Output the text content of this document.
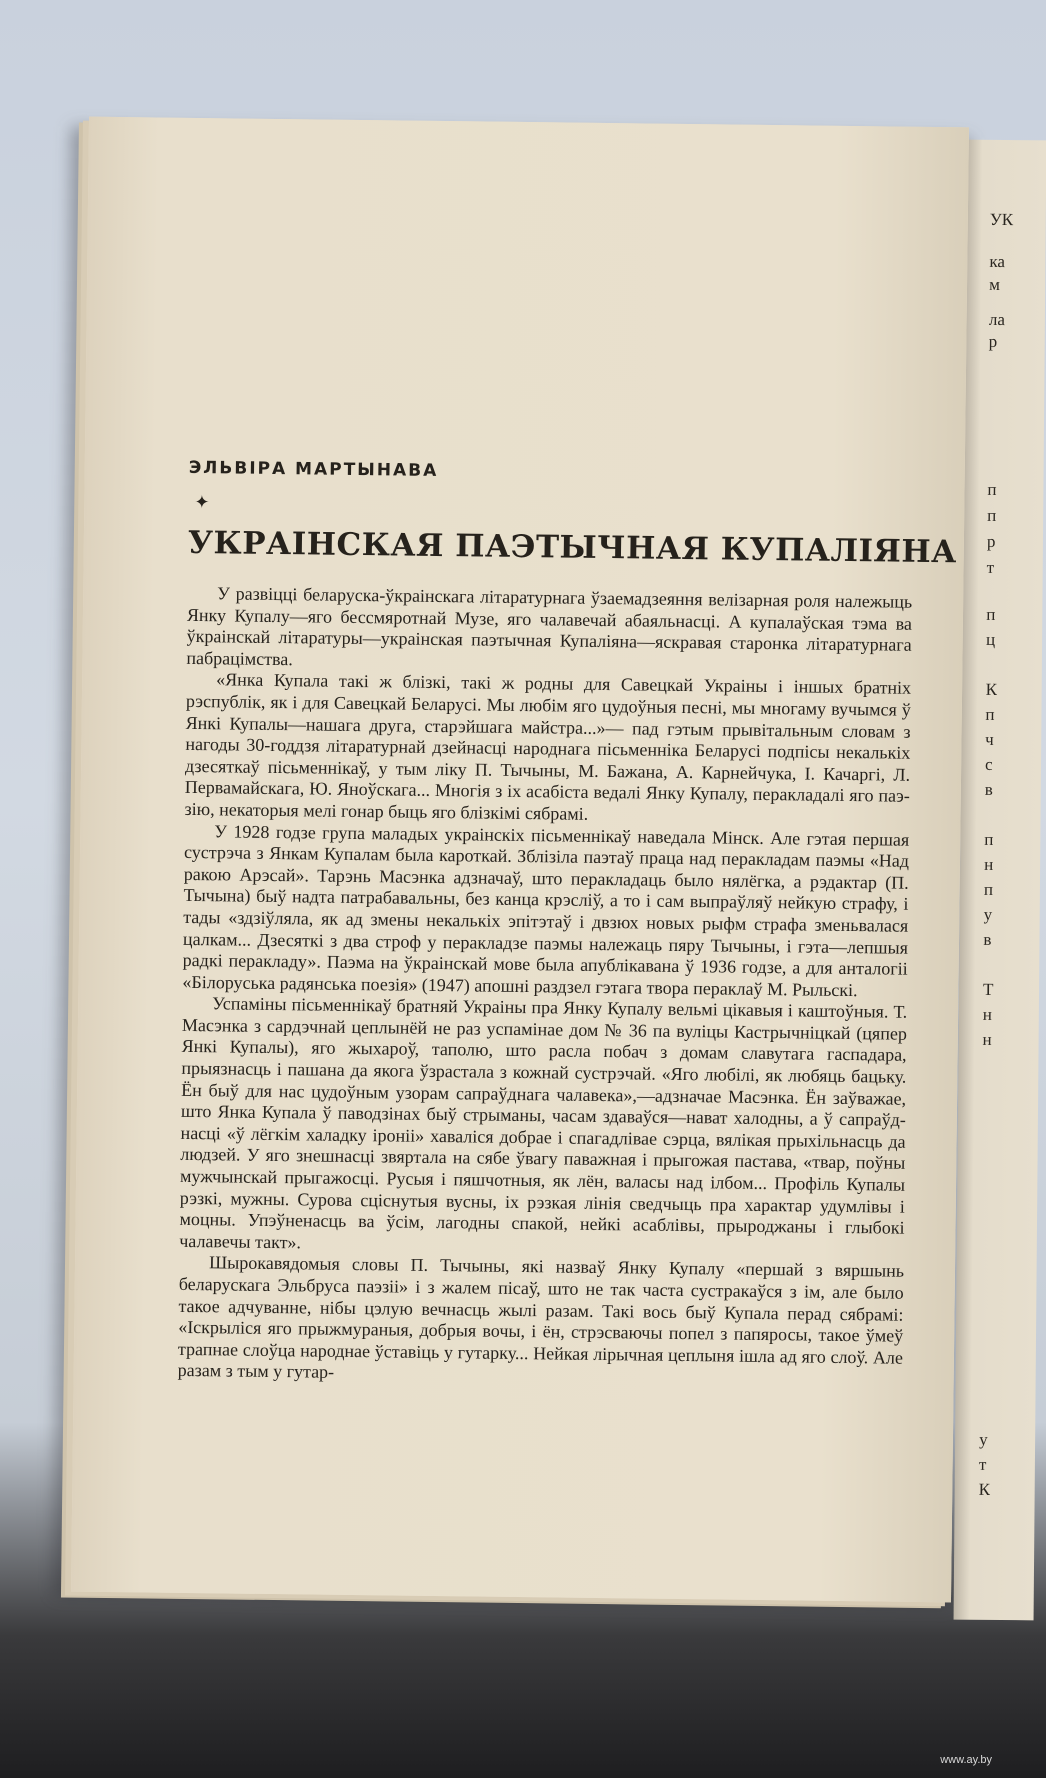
УК
ка
м
ла
р
п
п
р
т
п
ц
К
п
ч
с
в
п
н
п
у
в
Т
н
н
у
т
К
ЭЛЬВІРА МАРТЫНАВА
✦
УКРАІНСКАЯ ПАЭТЫЧНАЯ КУПАЛІЯНА

У развіцці беларуска-ўкраінскага літаратурнага ўзаемадзеяння велізарная роля належыць Янку Купалу—яго бессмяротнай Музе, яго чалавечай абаяльнасці. А купалаўская тэма ва ўкраінскай літаратуры—украінская паэтычная Купаліяна—яскравая старонка літаратурнага пабрацімства.

«Янка Купала такі ж блізкі, такі ж родны для Савецкай Украіны і іншых братніх рэспублік, як і для Савецкай Беларусі. Мы любім яго цудоўныя песні, мы многаму вучымся ў Янкі Купалы—нашага друга, старэйшага майстра...»— пад гэтым прывітальным словам з нагоды 30-годдзя літаратурнай дзейнасці народнага пісьменніка Беларусі подпісы некалькіх дзесяткаў пісьменнікаў, у тым ліку П. Тычыны, М. Бажана, А. Карнейчука, І. Качаргі, Л. Первамайскага, Ю. Яноўскага... Многія з іх асабіста ведалі Янку Купалу, перакладалі яго паэзію, некаторыя мелі гонар быць яго блізкімі сябрамі.

У 1928 годзе група маладых украінскіх пісьменнікаў наведала Мінск. Але гэтая першая сустрэча з Янкам Купалам была кароткай. Зблізіла паэтаў праца над перакладам паэмы «Над ракою Арэсай». Тарэнь Масэнка адзначаў, што перакладаць было нялёгка, а рэдактар (П. Тычына) быў надта патрабавальны, без канца крэсліў, а то і сам выпраўляў нейкую страфу, і тады «здзіўляла, як ад змены некалькіх эпітэтаў і двзюх новых рыфм страфа зменьвалася цалкам... Дзесяткі з два строф у перакладзе паэмы належаць пяру Тычыны, і гэта—лепшыя радкі перакладу». Паэма на ўкраінскай мове была апублікавана ў 1936 годзе, а для анталогіі «Білоруська радянська поезія» (1947) апошні раздзел гэтага твора пераклаў М. Рыльскі.

Успаміны пісьменнікаў братняй Украіны пра Янку Купалу вельмі цікавыя і каштоўныя. Т. Масэнка з сардэчнай цеплынёй не раз успамінае дом № 36 па вуліцы Кастрычніцкай (цяпер Янкі Купалы), яго жыхароў, таполю, што расла побач з домам славутага гаспадара, прыязнасць і пашана да якога ўзрастала з кожнай сустрэчай. «Яго любілі, як любяць бацьку. Ён быў для нас цудоўным узорам сапраўднага чалавека»,—адзначае Масэнка. Ён заўважае, што Янка Купала ў паводзінах быў стрыманы, часам здаваўся—нават халодны, а ў сапраўднасці «ў лёгкім халадку іроніі» хаваліся добрае і спагадлівае сэрца, вялікая прыхільнасць да людзей. У яго знешнасці звяртала на сябе ўвагу паважная і прыгожая пастава, «твар, поўны мужчынскай прыгажосці. Русыя і пяшчотныя, як лён, валасы над ілбом... Профіль Купалы рэзкі, мужны. Сурова сціснутыя вусны, іх рэзкая лінія сведчыць пра характар удумлівы і моцны. Упэўненасць ва ўсім, лагодны спакой, нейкі асаблівы, прыроджаны і глыбокі чалавечы такт».

Шырокавядомыя словы П. Тычыны, які назваў Янку Купалу «першай з вяршынь беларускага Эльбруса паэзіі» і з жалем пісаў, што не так часта сустракаўся з ім, але было такое адчуванне, нібы цэлую вечнасць жылі разам. Такі вось быў Купала перад сябрамі: «Іскрыліся яго прыжмураныя, добрыя вочы, і ён, стрэсваючы попел з папяросы, такое ўмеў трапнае слоўца народнае ўставіць у гутарку... Нейкая лірычная цеплыня ішла ад яго слоў. Але разам з тым у гутар-

www.ay.by
